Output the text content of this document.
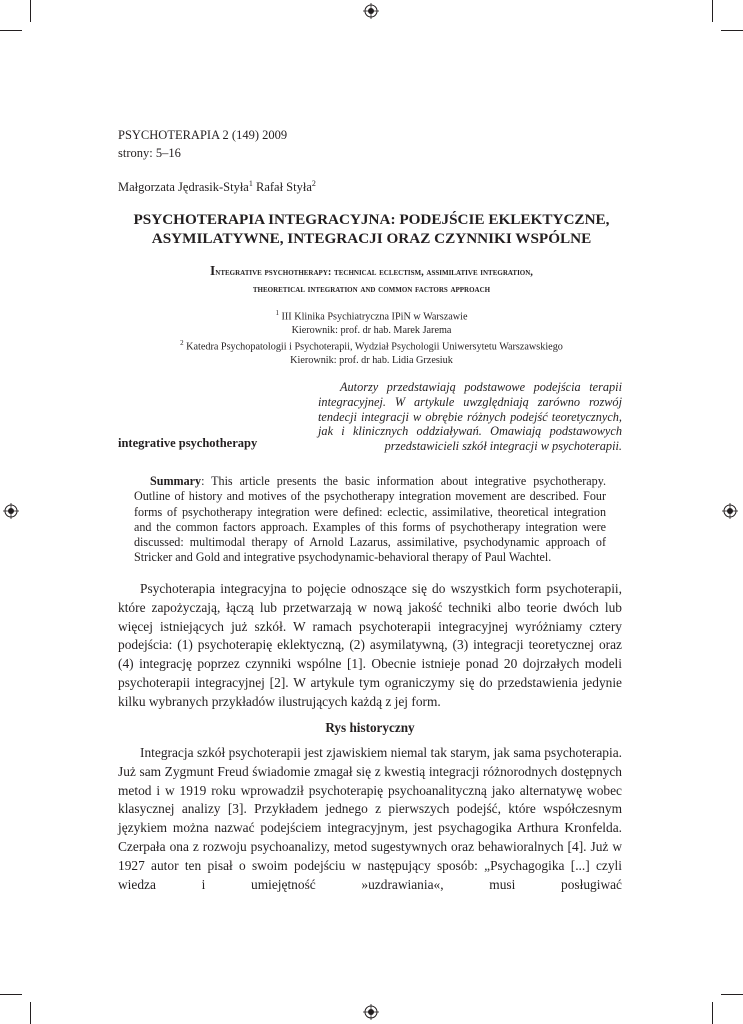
PSYCHOTERAPIA 2 (149) 2009
strony: 5–16
Małgorzata Jędrasik-Styła$^1$ Rafał Styła$^2$
PSYCHOTERAPIA INTEGRACYJNA: PODEJŚCIE EKLEKTYCZNE,
ASYMILATYWNE, INTEGRACJI ORAZ CZYNNIKI WSPÓLNE
Integrative psychotherapy: technical eclectism, assimilative integration,
theoretical integration and common factors approach
$^1$ III Klinika Psychiatryczna IPiN w Warszawie
Kierownik: prof. dr hab. Marek Jarema
$^2$ Katedra Psychopatologii i Psychoterapii, Wydział Psychologii Uniwersytetu Warszawskiego
Kierownik: prof. dr hab. Lidia Grzesiuk
Autorzy przedstawiają podstawowe podejścia terapii integracyjnej. W artykule uwzględniają zarówno rozwój tendecji integracji w obrębie różnych podejść teoretycznych, jak i klinicznych oddziaływań. Omawiają podstawowych przedstawicieli szkół integracji w psychoterapii.
integrative psychotherapy
Summary: This article presents the basic information about integrative psychotherapy. Outline of history and motives of the psychotherapy integration movement are described. Four forms of psychotherapy integration were defined: eclectic, assimilative, theoretical integration and the common factors approach. Examples of this forms of psychotherapy integration were discussed: multimodal therapy of Arnold Lazarus, assimilative, psychodynamic approach of Stricker and Gold and integrative psychodynamic-behavioral therapy of Paul Wachtel.
Psychoterapia integracyjna to pojęcie odnoszące się do wszystkich form psychoterapii, które zapożyczają, łączą lub przetwarzają w nową jakość techniki albo teorie dwóch lub więcej istniejących już szkół. W ramach psychoterapii integracyjnej wyróżniamy cztery podejścia: (1) psychoterapię eklektyczną, (2) asymilatywną, (3) integracji teoretycznej oraz (4) integrację poprzez czynniki wspólne [1]. Obecnie istnieje ponad 20 dojrzałych modeli psychoterapii integracyjnej [2]. W artykule tym ograniczymy się do przedstawienia jedynie kilku wybranych przykładów ilustrujących każdą z jej form.
Rys historyczny
Integracja szkół psychoterapii jest zjawiskiem niemal tak starym, jak sama psychoterapia. Już sam Zygmunt Freud świadomie zmagał się z kwestią integracji różnorodnych dostępnych metod i w 1919 roku wprowadził psychoterapię psychoanalityczną jako alternatywę wobec klasycznej analizy [3]. Przykładem jednego z pierwszych podejść, które współczesnym językiem można nazwać podejściem integracyjnym, jest psychagogika Arthura Kronfelda. Czerpała ona z rozwoju psychoanalizy, metod sugestywnych oraz behawioralnych [4]. Już w 1927 autor ten pisał o swoim podejściu w następujący sposób: „Psychagogika [...] czyli wiedza i umiejętność »uzdrawiania«, musi posługiwać
